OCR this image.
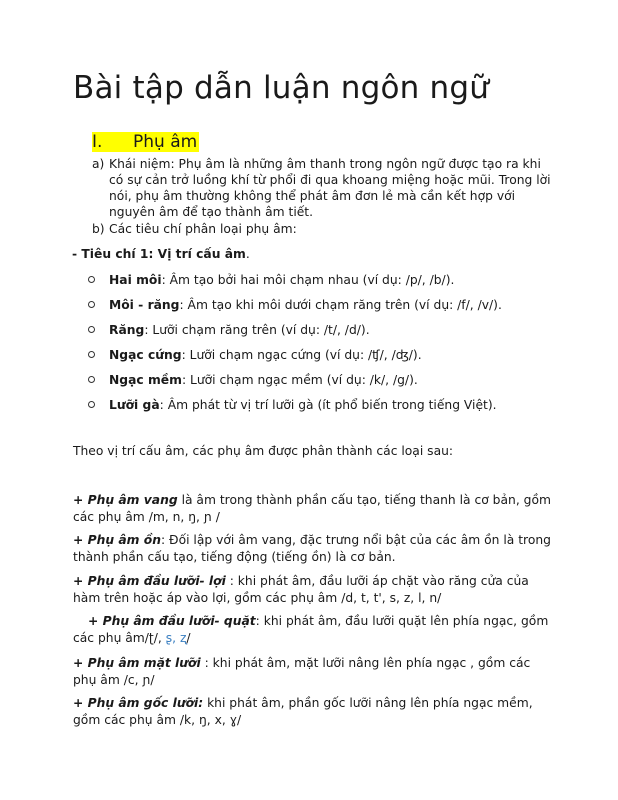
Bài tập dẫn luận ngôn ngữ
I. Phụ âm
a) Khái niệm: Phụ âm là những âm thanh trong ngôn ngữ được tạo ra khi có sự cản trở luồng khí từ phổi đi qua khoang miệng hoặc mũi. Trong lời nói, phụ âm thường không thể phát âm đơn lẻ mà cần kết hợp với nguyên âm để tạo thành âm tiết.
b) Các tiêu chí phân loại phụ âm:
- Tiêu chí 1: Vị trí cấu âm.
Hai môi: Âm tạo bởi hai môi chạm nhau (ví dụ: /p/, /b/).
Môi - răng: Âm tạo khi môi dưới chạm răng trên (ví dụ: /f/, /v/).
Răng: Lưỡi chạm răng trên (ví dụ: /t/, /d/).
Ngạc cứng: Lưỡi chạm ngạc cứng (ví dụ: /ʧ/, /ʤ/).
Ngạc mềm: Lưỡi chạm ngạc mềm (ví dụ: /k/, /g/).
Lưỡi gà: Âm phát từ vị trí lưỡi gà (ít phổ biến trong tiếng Việt).
Theo vị trí cấu âm, các phụ âm được phân thành các loại sau:
+ Phụ âm vang là âm trong thành phần cấu tạo, tiếng thanh là cơ bản, gồm các phụ âm /m, n, ŋ, ɲ /
+ Phụ âm ồn: Đối lập với âm vang, đặc trưng nổi bật của các âm ồn là trong thành phần cấu tạo, tiếng động (tiếng ồn) là cơ bản.
+ Phụ âm đầu lưỡi- lợi : khi phát âm, đầu lưỡi áp chặt vào răng cửa của hàm trên hoặc áp vào lợi, gồm các phụ âm /d, t, t', s, z, l, n/
+ Phụ âm đầu lưỡi- quặt: khi phát âm, đầu lưỡi quặt lên phía ngạc, gồm các phụ âm/ʈ/, ʂ, ʐ/
+ Phụ âm mặt lưỡi : khi phát âm, mặt lưỡi nâng lên phía ngạc , gồm các phụ âm /c, ɲ/
+ Phụ âm gốc lưỡi: khi phát âm, phần gốc lưỡi nâng lên phía ngạc mềm, gồm các phụ âm /k, ŋ, x, ɣ/
